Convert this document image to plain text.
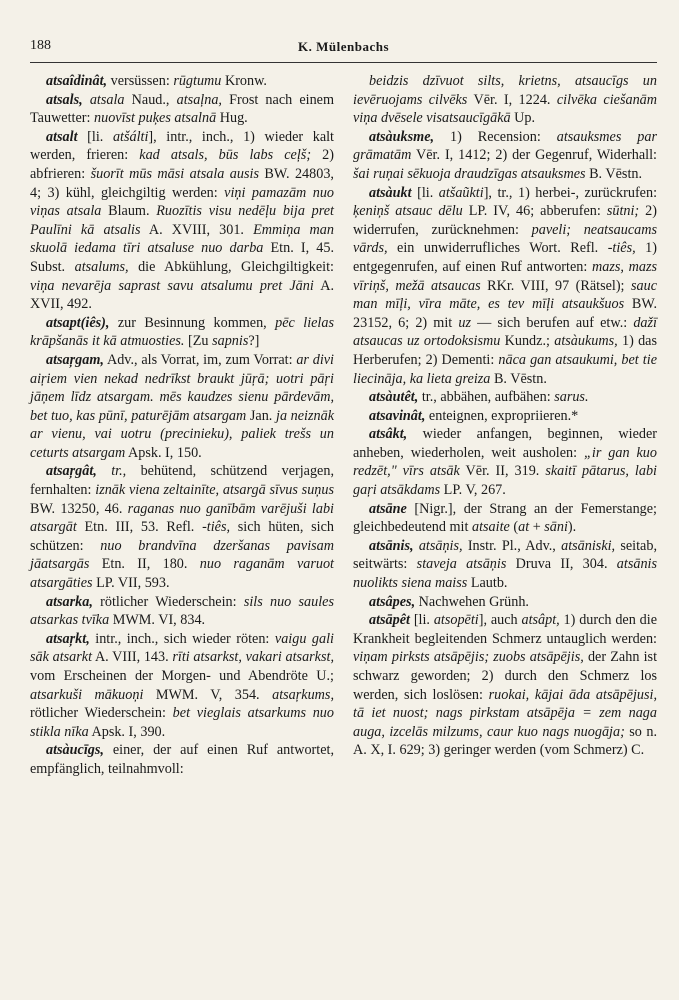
188	K. Mülenbachs

atsaîdinât, versüssen: rūgtumu Kronw.

atsals, atsala Naud., atsaļna, Frost nach einem Tauwetter: nuovīst puķes atsalnā Hug.

atsalt [li. atšálti], intr., inch., 1) wieder kalt werden, frieren: kad atsals, būs labs ceļš; 2) abfrieren: šuorīt mūs māsi atsala ausis BW. 24803, 4; 3) kühl, gleichgiltig werden: viņi pamazām nuo viņas atsala Blaum. Ruozītis visu nedēļu bija pret Paulīni kā atsalis A. XVIII, 301. Emmiņa man skuolā iedama tīri atsaluse nuo darba Etn. I, 45. Subst. atsalums, die Abkühlung, Gleichgiltigkeit: viņa nevarēja saprast savu atsalumu pret Jāni A. XVII, 492.

atsapt(iês), zur Besinnung kommen, pēc lielas krāpšanās it kā atmuosties. [Zu sapnis?]

atsaŗgam, Adv., als Vorrat, im, zum Vorrat: ar divi aiŗiem vien nekad nedrīkst braukt jūŗā; uotri pāŗi jāņem līdz atsargam. mēs kaudzes sienu pārdevām, bet tuo, kas pūnī, paturējām atsargam Jan. ja neiznāk ar vienu, vai uotru (precinieku), paliek trešs un ceturts atsargam Apsk. I, 150.

atsaŗgât, tr., behütend, schützend verjagen, fernhalten: iznāk viena zeltainīte, atsargā sīvus suņus BW. 13250, 46. raganas nuo ganībām varējuši labi atsargāt Etn. III, 53. Refl. -tiês, sich hüten, sich schützen: nuo brandvīna dzeršanas pavisam jāatsargās Etn. II, 180. nuo raganām varuot atsargāties LP. VII, 593.

atsarka, rötlicher Wiederschein: sils nuo saules atsarkas tvīka MWM. VI, 834.

atsaŗkt, intr., inch., sich wieder röten: vaigu gali sāk atsarkt A. VIII, 143. rīti atsarkst, vakari atsarkst, vom Erscheinen der Morgen- und Abendröte U.; atsarkuši mākuoņi MWM. V, 354. atsaŗkums, rötlicher Wiederschein: bet vieglais atsarkums nuo stikla nīka Apsk. I, 390.

atsàucīgs, einer, der auf einen Ruf antwortet, empfänglich, teilnahmvoll:

beidzis dzīvuot silts, krietns, atsaucīgs un ievēruojams cilvēks Vēr. I, 1224. cilvēka ciešanām viņa dvēsele visatsaucīgākā Up.

atsàuksme, 1) Recension: atsauksmes par grāmatām Vēr. I, 1412; 2) der Gegenruf, Widerhall: šai ruņai sēkuoja draudzīgas atsauksmes B. Vēstn.

atsàukt [li. atšaũkti], tr., 1) herbei-, zurückrufen: ķeniņš atsauc dēlu LP. IV, 46; abberufen: sūtni; 2) widerrufen, zurücknehmen: paveli; neatsaucams vārds, ein unwiderrufliches Wort. Refl. -tiês, 1) entgegenrufen, auf einen Ruf antworten: mazs, mazs vīriņš, mežā atsaucas RKr. VIII, 97 (Rätsel); sauc man mīļi, vīra māte, es tev mīļi atsaukšuos BW. 23152, 6; 2) mit uz — sich berufen auf etw.: dažī atsaucas uz ortodoksismu Kundz.; atsàukums, 1) das Herberufen; 2) Dementi: nāca gan atsaukumi, bet tie liecināja, ka lieta greiza B. Vēstn.

atsàutêt, tr., abbähen, aufbähen: sarus.

atsavinât, enteignen, expropriieren.*

atsâkt, wieder anfangen, beginnen, wieder anheben, wiederholen, weit ausholen: „ir gan kuo redzēt," vīrs atsāk Vēr. II, 319. skaitī pātarus, labi gaŗi atsākdams LP. V, 267.

atsāne [Nigr.], der Strang an der Femerstange; gleichbedeutend mit atsaite (at + sāni).

atsānis, atsāņis, Instr. Pl., Adv., atsāniski, seitab, seitwärts: staveja atsāņis Druva II, 304. atsānis nuolikts siena maiss Lautb.

atsâpes, Nachwehen Grünh.

atsāpêt [li. atsopēti], auch atsâpt, 1) durch den die Krankheit begleitenden Schmerz untauglich werden: viņam pirksts atsāpējis; zuobs atsāpējis, der Zahn ist schwarz geworden; 2) durch den Schmerz los werden, sich loslösen: ruokai, kājai āda atsāpējusi, tā iet nuost; nags pirkstam atsāpēja = zem naga auga, izcelās milzums, caur kuo nags nuogāja; so n. A. X, I. 629; 3) geringer werden (vom Schmerz) C.
